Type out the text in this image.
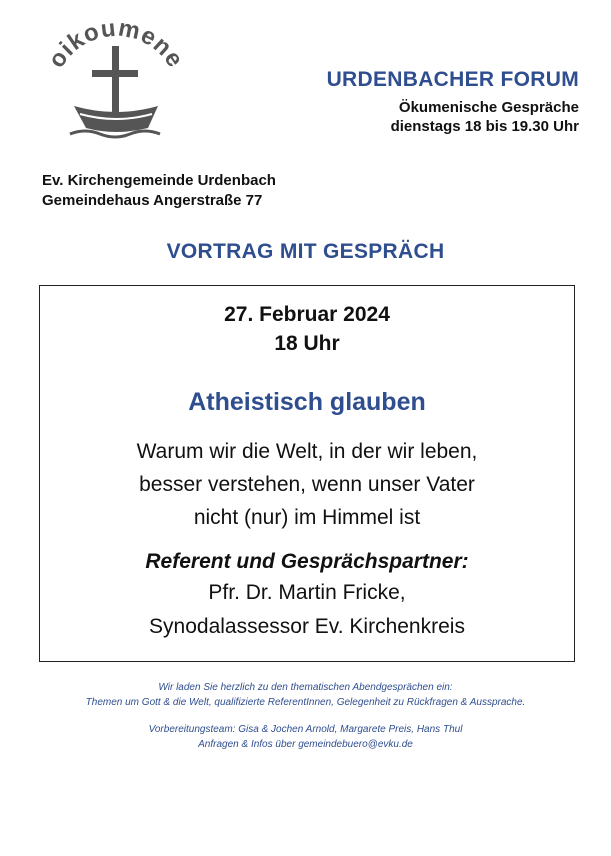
oikoumene
URDENBACHER FORUM
Ökumenische Gespräche
dienstags 18 bis 19.30 Uhr
Ev. Kirchengemeinde Urdenbach
Gemeindehaus Angerstraße 77
VORTRAG MIT GESPRÄCH
27. Februar 2024
18 Uhr
Atheistisch glauben
Warum wir die Welt, in der wir leben,
besser verstehen, wenn unser Vater
nicht (nur) im Himmel ist
Referent und Gesprächspartner:
Pfr. Dr. Martin Fricke,
Synodalassessor Ev. Kirchenkreis
Wir laden Sie herzlich zu den thematischen Abendgesprächen ein:
Themen um Gott & die Welt, qualifizierte ReferentInnen, Gelegenheit zu Rückfragen & Aussprache.
Vorbereitungsteam: Gisa & Jochen Arnold, Margarete Preis, Hans Thul
Anfragen & Infos über gemeindebuero@evku.de
